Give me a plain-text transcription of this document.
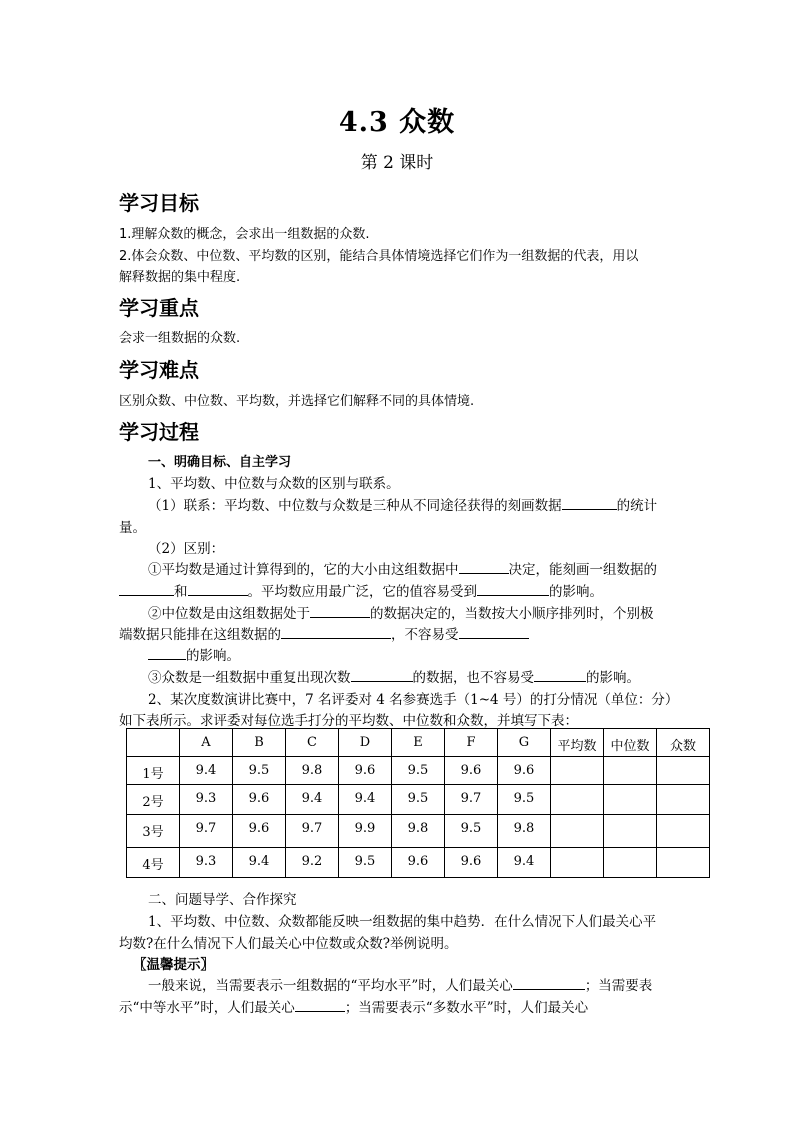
4.3 众数
第 2 课时
学习目标
1.理解众数的概念，会求出一组数据的众数.
2.体会众数、中位数、平均数的区别，能结合具体情境选择它们作为一组数据的代表，用以
解释数据的集中程度.
学习重点
会求一组数据的众数.
学习难点
区别众数、中位数、平均数，并选择它们解释不同的具体情境.
学习过程
一、明确目标、自主学习
1、平均数、中位数与众数的区别与联系。
（1）联系：平均数、中位数与众数是三种从不同途径获得的刻画数据	的统计
量。
（2）区别：
①平均数是通过计算得到的，它的大小由这组数据中	决定，能刻画一组数据的
和	。平均数应用最广泛，它的值容易受到	的影响。
②中位数是由这组数据处于	的数据决定的，当数按大小顺序排列时，个别极
端数据只能排在这组数据的	，不容易受
的影响。
③众数是一组数据中重复出现次数	的数据，也不容易受	的影响。
2、某次度数演讲比赛中，7 名评委对 4 名参赛选手（1~4 号）的打分情况（单位：分）
如下表所示。求评委对每位选手打分的平均数、中位数和众数，并填写下表：
	A	B	C	D	E	F	G	平均数	中位数	众数
1号	9.4	9.5	9.8	9.6	9.5	9.6	9.6			
2号	9.3	9.6	9.4	9.4	9.5	9.7	9.5			
3号	9.7	9.6	9.7	9.9	9.8	9.5	9.8			
4号	9.3	9.4	9.2	9.5	9.6	9.6	9.4			
二、问题导学、合作探究
1、平均数、中位数、众数都能反映一组数据的集中趋势．在什么情况下人们最关心平
均数?在什么情况下人们最关心中位数或众数?举例说明。
〖温馨提示〗
一般来说，当需要表示一组数据的“平均水平”时，人们最关心	；当需要表
示“中等水平”时，人们最关心	；当需要表示“多数水平”时，人们最关心
